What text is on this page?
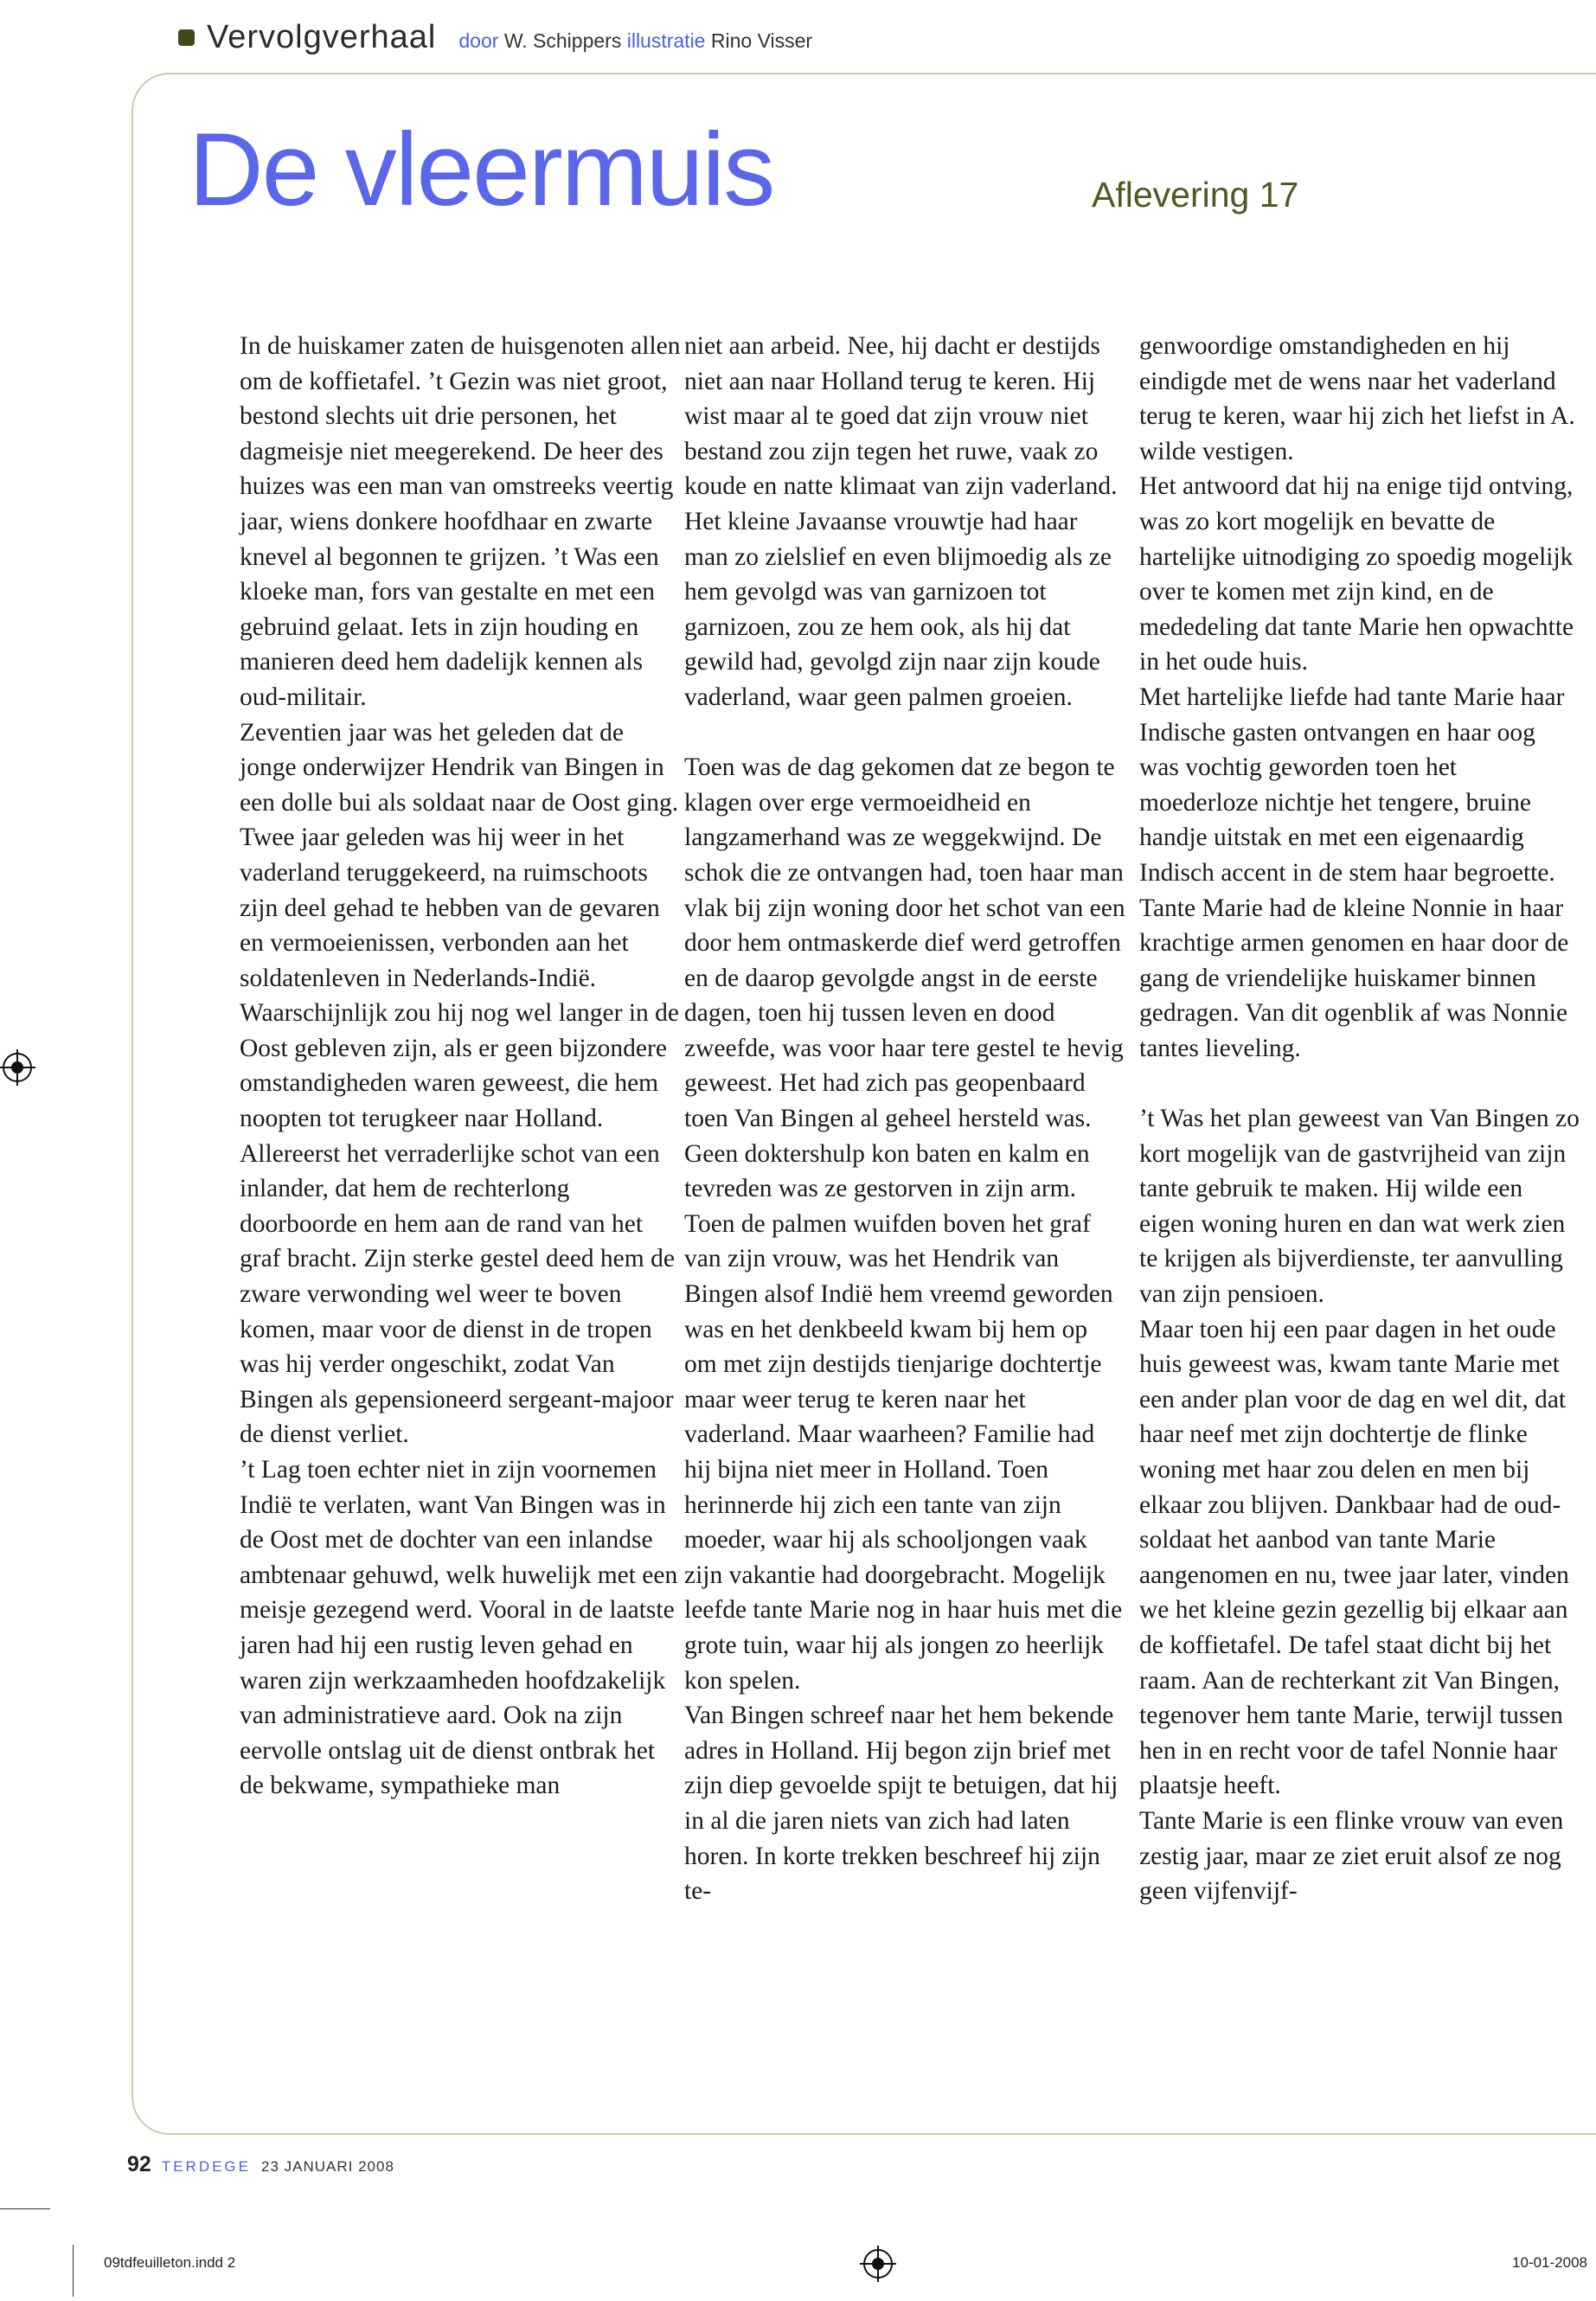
Vervolgverhaal door W. Schippers illustratie Rino Visser
De vleermuis	Aflevering 17

In de huiskamer zaten de huisgenoten allen om de koffietafel. ’t Gezin was niet groot, bestond slechts uit drie personen, het dagmeisje niet meegerekend. De heer des huizes was een man van omstreeks veertig jaar, wiens donkere hoofdhaar en zwarte knevel al begonnen te grijzen. ’t Was een kloeke man, fors van gestalte en met een gebruind gelaat. Iets in zijn houding en manieren deed hem dadelijk kennen als oud-militair.

Zeventien jaar was het geleden dat de jonge onderwijzer Hendrik van Bingen in een dolle bui als soldaat naar de Oost ging. Twee jaar geleden was hij weer in het vaderland teruggekeerd, na ruimschoots zijn deel gehad te hebben van de gevaren en vermoeienissen, verbonden aan het soldatenleven in Nederlands-Indië.

Waarschijnlijk zou hij nog wel langer in de Oost gebleven zijn, als er geen bijzondere omstandigheden waren geweest, die hem noopten tot terugkeer naar Holland.

Allereerst het verraderlijke schot van een inlander, dat hem de rechterlong doorboorde en hem aan de rand van het graf bracht. Zijn sterke gestel deed hem de zware verwonding wel weer te boven komen, maar voor de dienst in de tropen was hij verder ongeschikt, zodat Van Bingen als gepensioneerd sergeant-majoor de dienst verliet.

’t Lag toen echter niet in zijn voornemen Indië te verlaten, want Van Bingen was in de Oost met de dochter van een inlandse ambtenaar gehuwd, welk huwelijk met een meisje gezegend werd. Vooral in de laatste jaren had hij een rustig leven gehad en waren zijn werkzaamheden hoofdzakelijk van administratieve aard. Ook na zijn eervolle ontslag uit de dienst ontbrak het de bekwame, sympathieke man

niet aan arbeid. Nee, hij dacht er destijds niet aan naar Holland terug te keren. Hij wist maar al te goed dat zijn vrouw niet bestand zou zijn tegen het ruwe, vaak zo koude en natte klimaat van zijn vaderland.

Het kleine Javaanse vrouwtje had haar man zo zielslief en even blijmoedig als ze hem gevolgd was van garnizoen tot garnizoen, zou ze hem ook, als hij dat gewild had, gevolgd zijn naar zijn koude vaderland, waar geen palmen groeien.

Toen was de dag gekomen dat ze begon te klagen over erge vermoeidheid en langzamerhand was ze weggekwijnd. De schok die ze ontvangen had, toen haar man vlak bij zijn woning door het schot van een door hem ontmaskerde dief werd getroffen en de daarop gevolgde angst in de eerste dagen, toen hij tussen leven en dood zweefde, was voor haar tere gestel te hevig geweest. Het had zich pas geopenbaard toen Van Bingen al geheel hersteld was. Geen doktershulp kon baten en kalm en tevreden was ze gestorven in zijn arm.

Toen de palmen wuifden boven het graf van zijn vrouw, was het Hendrik van Bingen alsof Indië hem vreemd geworden was en het denkbeeld kwam bij hem op om met zijn destijds tienjarige dochtertje maar weer terug te keren naar het vaderland. Maar waarheen? Familie had hij bijna niet meer in Holland. Toen herinnerde hij zich een tante van zijn moeder, waar hij als schooljongen vaak zijn vakantie had doorgebracht. Mogelijk leefde tante Marie nog in haar huis met die grote tuin, waar hij als jongen zo heerlijk kon spelen.

Van Bingen schreef naar het hem bekende adres in Holland. Hij begon zijn brief met zijn diep gevoelde spijt te betuigen, dat hij in al die jaren niets van zich had laten horen. In korte trekken beschreef hij zijn te-

genwoordige omstandigheden en hij eindigde met de wens naar het vaderland terug te keren, waar hij zich het liefst in A. wilde vestigen.

Het antwoord dat hij na enige tijd ontving, was zo kort mogelijk en bevatte de hartelijke uitnodiging zo spoedig mogelijk over te komen met zijn kind, en de mededeling dat tante Marie hen opwachtte in het oude huis.

Met hartelijke liefde had tante Marie haar Indische gasten ontvangen en haar oog was vochtig geworden toen het moederloze nichtje het tengere, bruine handje uitstak en met een eigenaardig Indisch accent in de stem haar begroette. Tante Marie had de kleine Nonnie in haar krachtige armen genomen en haar door de gang de vriendelijke huiskamer binnen gedragen. Van dit ogenblik af was Nonnie tantes lieveling.

’t Was het plan geweest van Van Bingen zo kort mogelijk van de gastvrijheid van zijn tante gebruik te maken. Hij wilde een eigen woning huren en dan wat werk zien te krijgen als bijverdienste, ter aanvulling van zijn pensioen.

Maar toen hij een paar dagen in het oude huis geweest was, kwam tante Marie met een ander plan voor de dag en wel dit, dat haar neef met zijn dochtertje de flinke woning met haar zou delen en men bij elkaar zou blijven. Dankbaar had de oud-soldaat het aanbod van tante Marie aangenomen en nu, twee jaar later, vinden we het kleine gezin gezellig bij elkaar aan de koffietafel. De tafel staat dicht bij het raam. Aan de rechterkant zit Van Bingen, tegenover hem tante Marie, terwijl tussen hen in en recht voor de tafel Nonnie haar plaatsje heeft.

Tante Marie is een flinke vrouw van even zestig jaar, maar ze ziet eruit alsof ze nog geen vijfenvijf-

92 TERDEGE 23 JANUARI 2008
09tdfeuilleton.indd 2	10-01-2008
